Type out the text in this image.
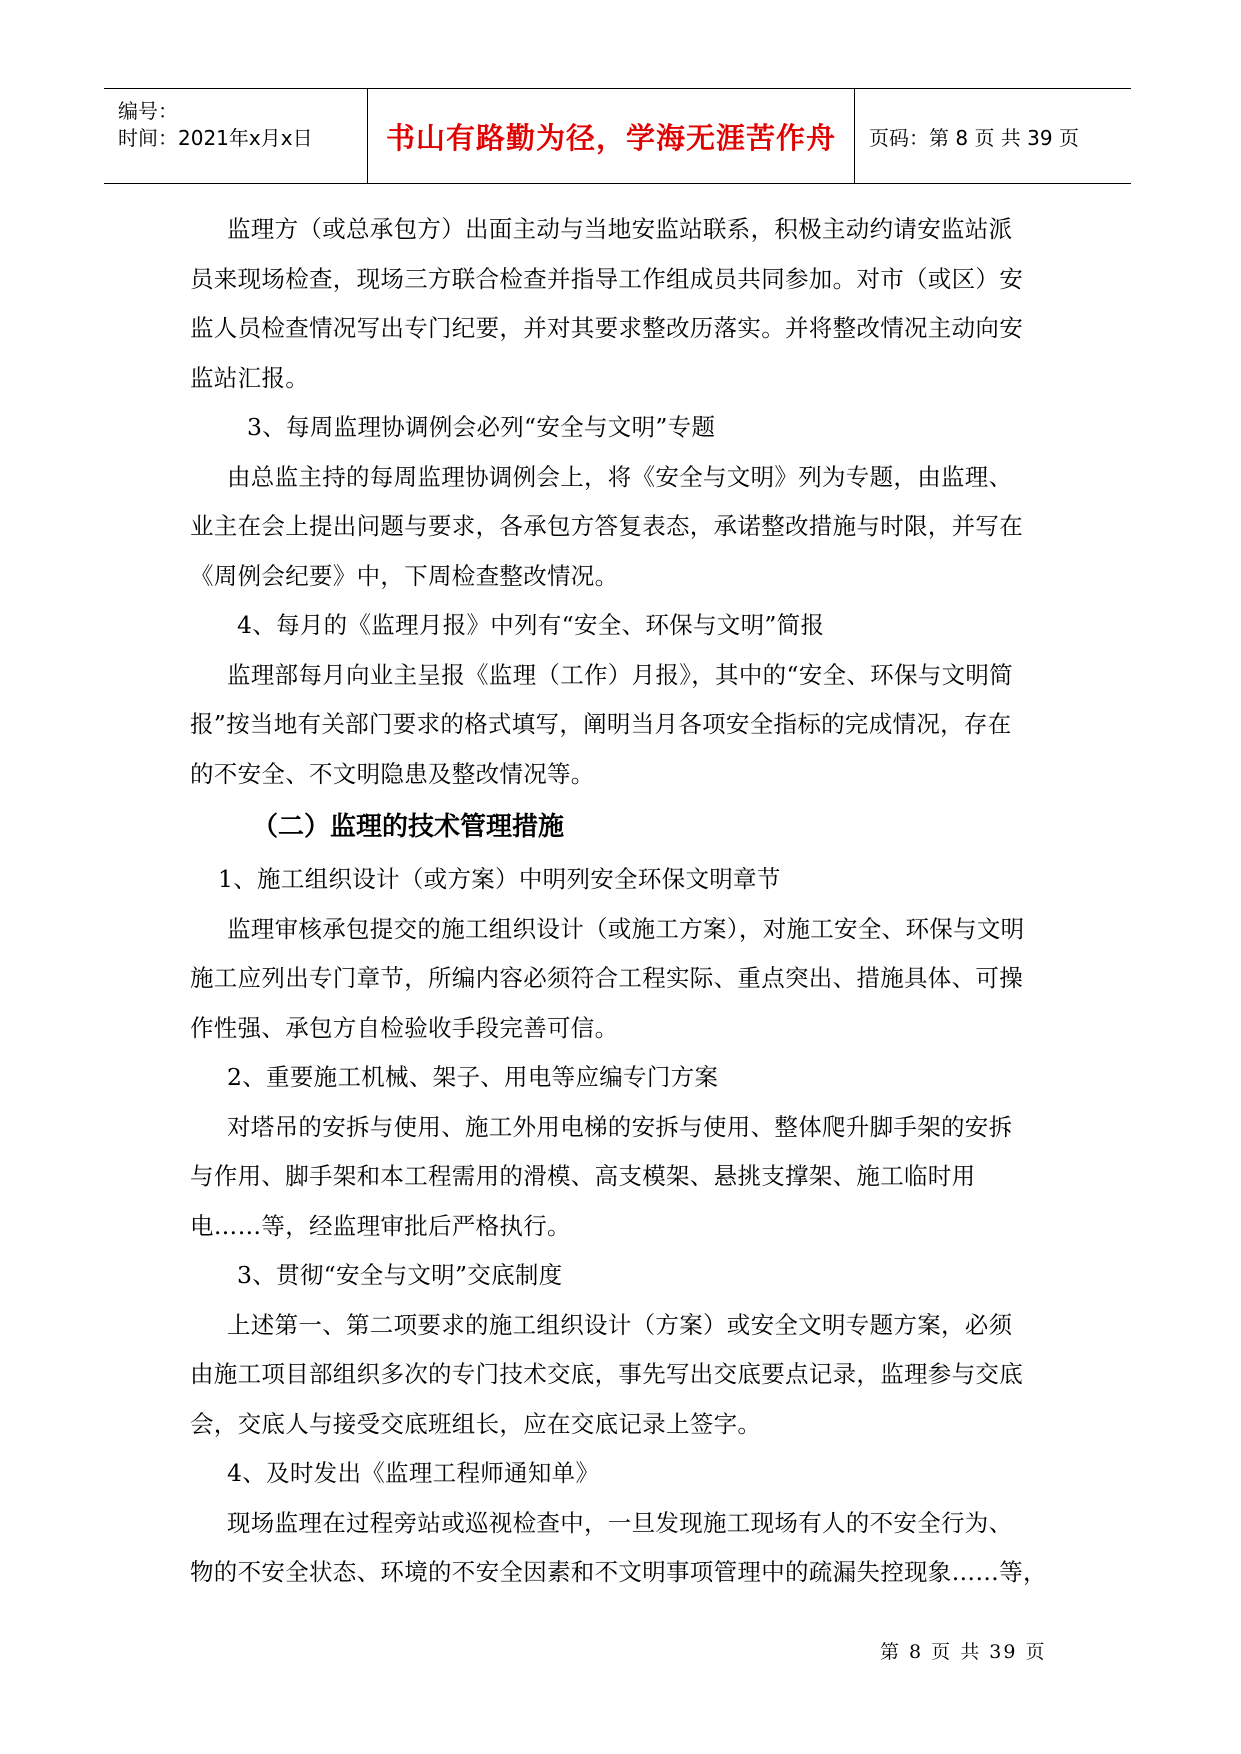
编号：
时间：2021年x月x日	书山有路勤为径，学海无涯苦作舟 页码：第 8 页 共 39 页
监理方（或总承包方）出面主动与当地安监站联系，积极主动约请安监站派
员来现场检查，现场三方联合检查并指导工作组成员共同参加。对市（或区）安
监人员检查情况写出专门纪要，并对其要求整改历落实。并将整改情况主动向安
监站汇报。
3、每周监理协调例会必列“安全与文明”专题
由总监主持的每周监理协调例会上，将《安全与文明》列为专题，由监理、
业主在会上提出问题与要求，各承包方答复表态，承诺整改措施与时限，并写在
《周例会纪要》中，下周检查整改情况。
4、每月的《监理月报》中列有“安全、环保与文明”简报
监理部每月向业主呈报《监理（工作）月报》，其中的“安全、环保与文明简
报”按当地有关部门要求的格式填写，阐明当月各项安全指标的完成情况，存在
的不安全、不文明隐患及整改情况等。
（二）监理的技术管理措施
1、施工组织设计（或方案）中明列安全环保文明章节
监理审核承包提交的施工组织设计（或施工方案），对施工安全、环保与文明
施工应列出专门章节，所编内容必须符合工程实际、重点突出、措施具体、可操
作性强、承包方自检验收手段完善可信。
2、重要施工机械、架子、用电等应编专门方案
对塔吊的安拆与使用、施工外用电梯的安拆与使用、整体爬升脚手架的安拆
与作用、脚手架和本工程需用的滑模、高支模架、悬挑支撑架、施工临时用
电……等，经监理审批后严格执行。
3、贯彻“安全与文明”交底制度
上述第一、第二项要求的施工组织设计（方案）或安全文明专题方案，必须
由施工项目部组织多次的专门技术交底，事先写出交底要点记录，监理参与交底
会，交底人与接受交底班组长，应在交底记录上签字。
4、及时发出《监理工程师通知单》
现场监理在过程旁站或巡视检查中，一旦发现施工现场有人的不安全行为、
物的不安全状态、环境的不安全因素和不文明事项管理中的疏漏失控现象……等，
第 8 页 共 39 页
